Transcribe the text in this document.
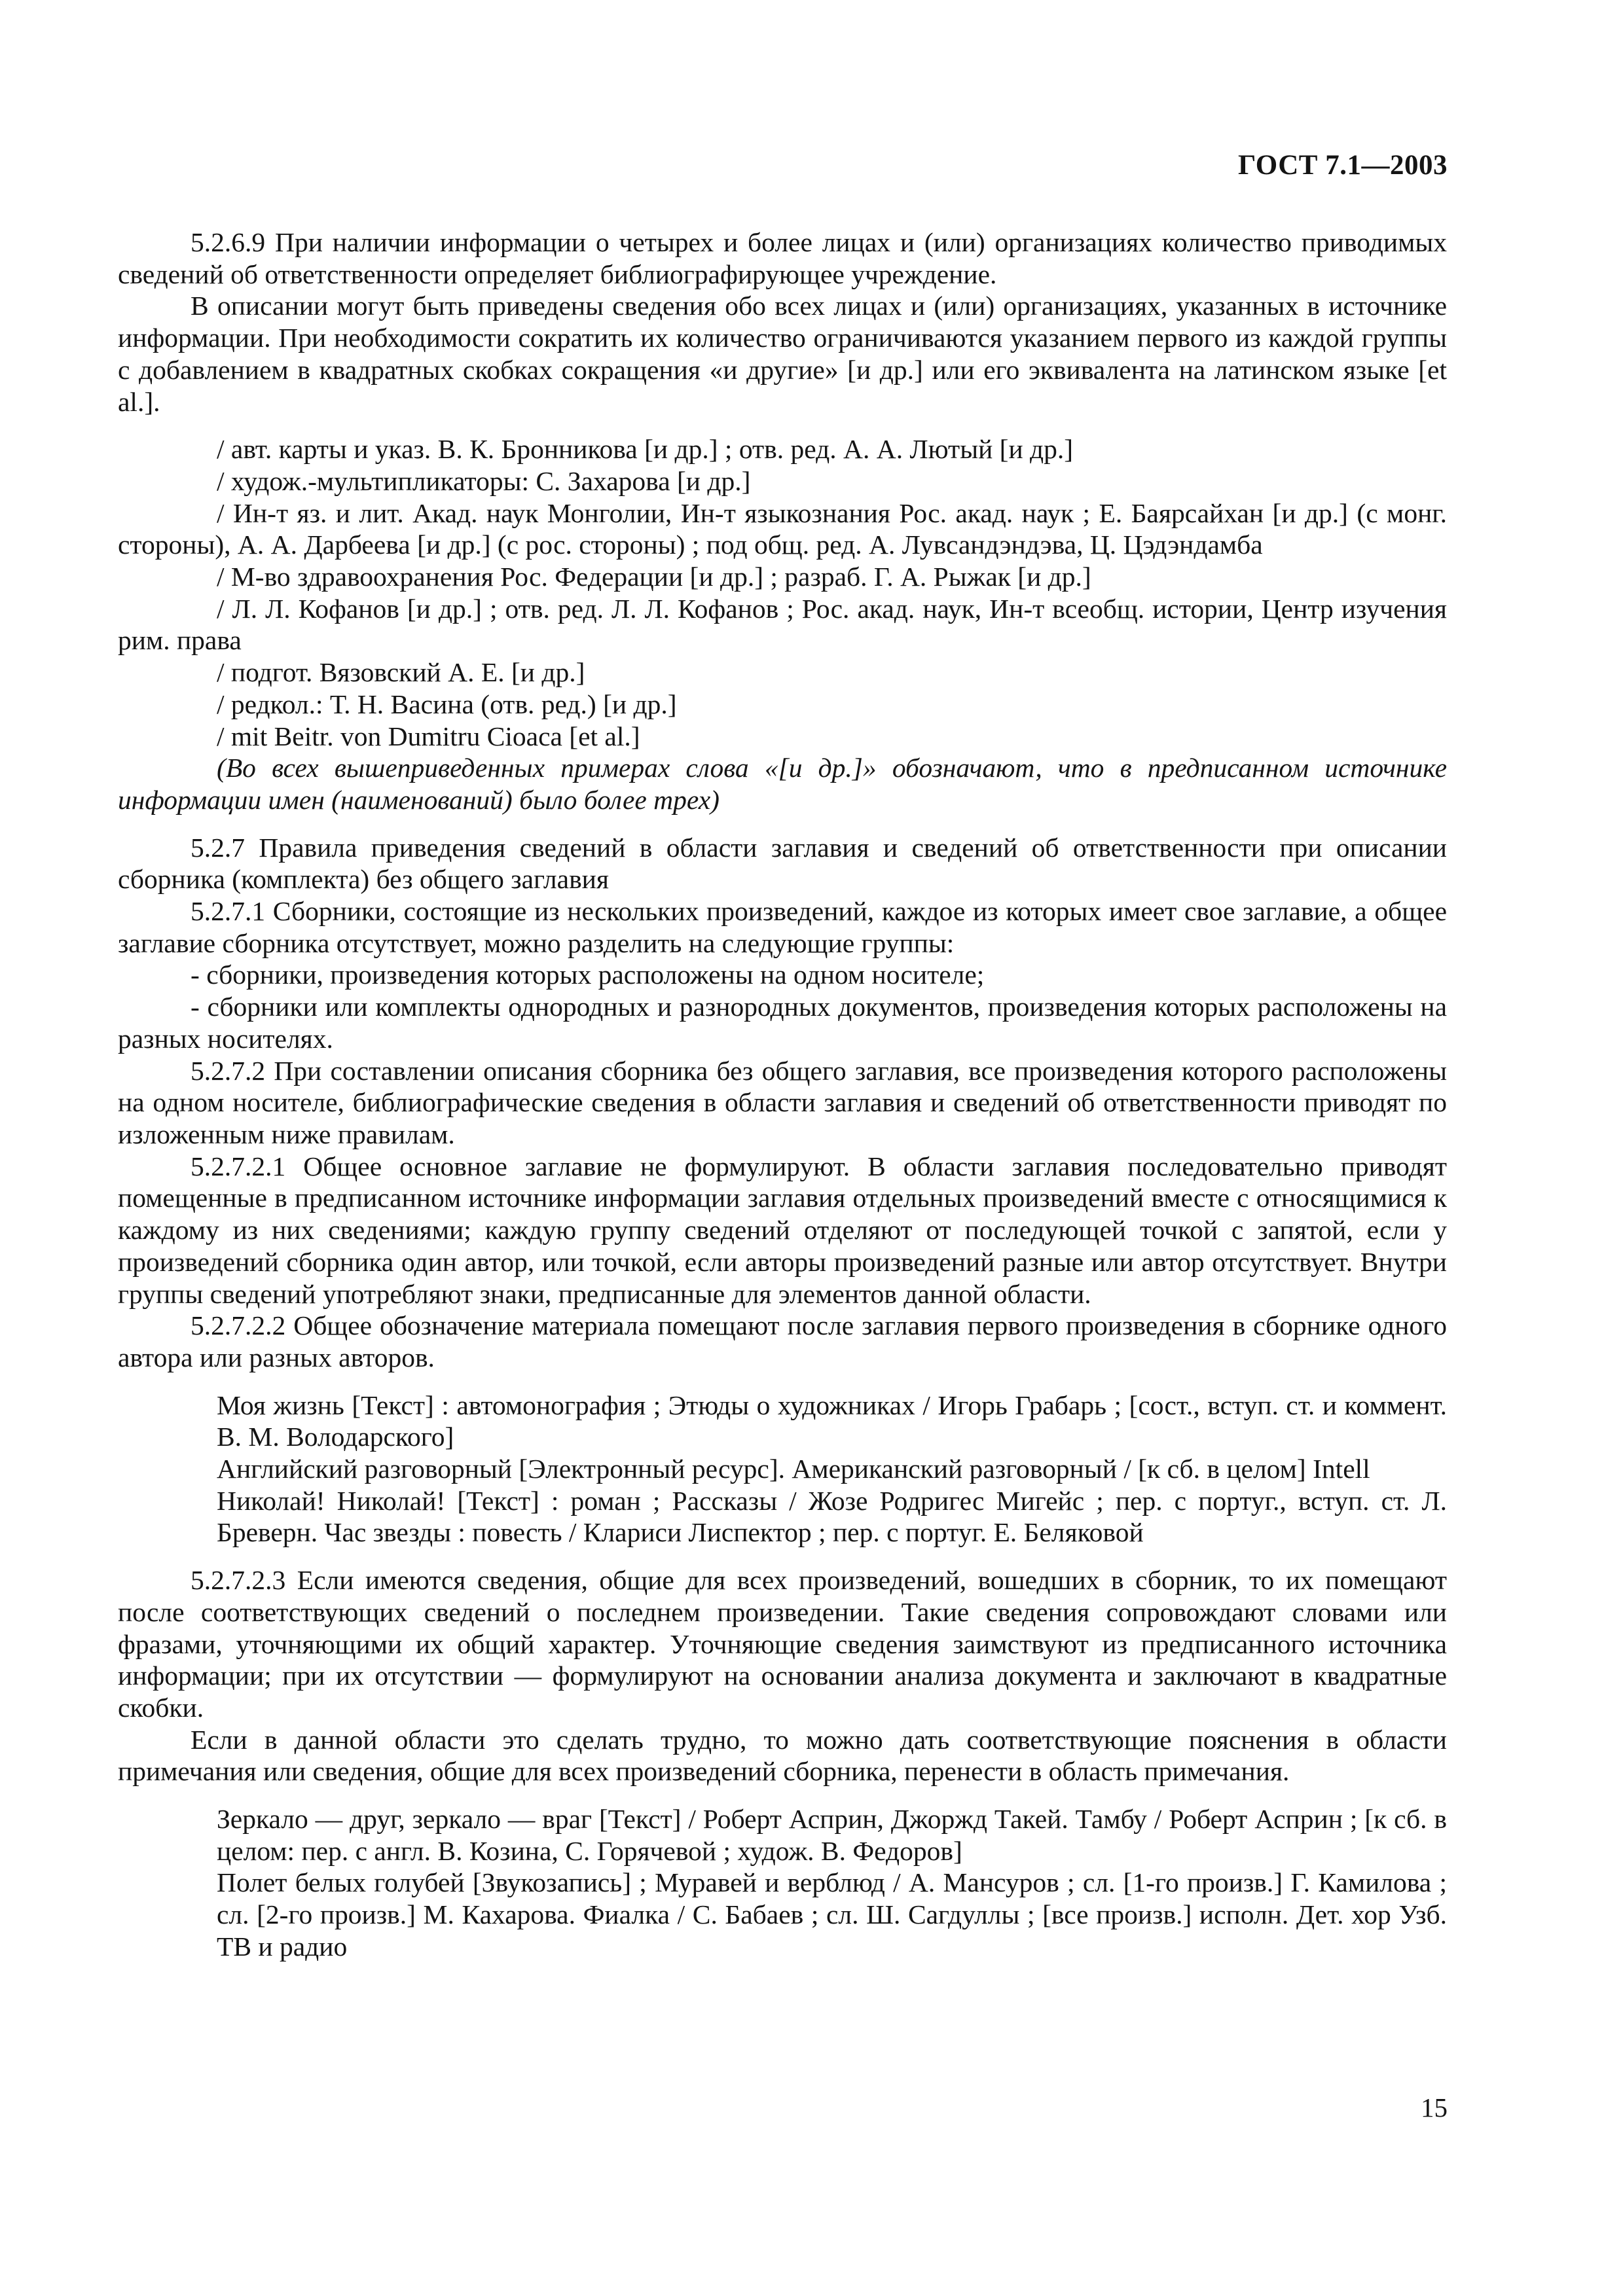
ГОСТ 7.1—2003

5.2.6.9 При наличии информации о четырех и более лицах и (или) организациях количество приводимых сведений об ответственности определяет библиографирующее учреждение.

В описании могут быть приведены сведения обо всех лицах и (или) организациях, указанных в источнике информации. При необходимости сократить их количество ограничиваются указанием первого из каждой группы с добавлением в квадратных скобках сокращения «и другие» [и др.] или его эквивалента на латинском языке [et al.].

/ авт. карты и указ. В. К. Бронникова [и др.] ; отв. ред. А. А. Лютый [и др.]

/ худож.-мультипликаторы: С. Захарова [и др.]

/ Ин-т яз. и лит. Акад. наук Монголии, Ин-т языкознания Рос. акад. наук ; Е. Баярсайхан [и др.] (с монг. стороны), А. А. Дарбеева [и др.] (с рос. стороны) ; под общ. ред. А. Лувсандэндэва, Ц. Цэдэндамба

/ М-во здравоохранения Рос. Федерации [и др.] ; разраб. Г. А. Рыжак [и др.]

/ Л. Л. Кофанов [и др.] ; отв. ред. Л. Л. Кофанов ; Рос. акад. наук, Ин-т всеобщ. истории, Центр изучения рим. права

/ подгот. Вязовский А. Е. [и др.]

/ редкол.: Т. Н. Васина (отв. ред.) [и др.]

/ mit Beitr. von Dumitru Cioaca [et al.]

(Во всех вышеприведенных примерах слова «[и др.]» обозначают, что в предписанном источнике информации имен (наименований) было более трех)

5.2.7 Правила приведения сведений в области заглавия и сведений об ответственности при описании сборника (комплекта) без общего заглавия

5.2.7.1 Сборники, состоящие из нескольких произведений, каждое из которых имеет свое заглавие, а общее заглавие сборника отсутствует, можно разделить на следующие группы:

- сборники, произведения которых расположены на одном носителе;

- сборники или комплекты однородных и разнородных документов, произведения которых расположены на разных носителях.

5.2.7.2 При составлении описания сборника без общего заглавия, все произведения которого расположены на одном носителе, библиографические сведения в области заглавия и сведений об ответственности приводят по изложенным ниже правилам.

5.2.7.2.1 Общее основное заглавие не формулируют. В области заглавия последовательно приводят помещенные в предписанном источнике информации заглавия отдельных произведений вместе с относящимися к каждому из них сведениями; каждую группу сведений отделяют от последующей точкой с запятой, если у произведений сборника один автор, или точкой, если авторы произведений разные или автор отсутствует. Внутри группы сведений употребляют знаки, предписанные для элементов данной области.

5.2.7.2.2 Общее обозначение материала помещают после заглавия первого произведения в сборнике одного автора или разных авторов.

Моя жизнь [Текст] : автомонография ; Этюды о художниках / Игорь Грабарь ; [сост., вступ. ст. и коммент. В. М. Володарского]

Английский разговорный [Электронный ресурс]. Американский разговорный / [к сб. в целом] Intell

Николай! Николай! [Текст] : роман ; Рассказы / Жозе Родригес Мигейс ; пер. с португ., вступ. ст. Л. Бреверн. Час звезды : повесть / Клариси Лиспектор ; пер. с португ. Е. Беляковой

5.2.7.2.3 Если имеются сведения, общие для всех произведений, вошедших в сборник, то их помещают после соответствующих сведений о последнем произведении. Такие сведения сопровождают словами или фразами, уточняющими их общий характер. Уточняющие сведения заимствуют из предписанного источника информации; при их отсутствии — формулируют на основании анализа документа и заключают в квадратные скобки.

Если в данной области это сделать трудно, то можно дать соответствующие пояснения в области примечания или сведения, общие для всех произведений сборника, перенести в область примечания.

Зеркало — друг, зеркало — враг [Текст] / Роберт Асприн, Джоржд Такей. Тамбу / Роберт Асприн ; [к сб. в целом: пер. с англ. В. Козина, С. Горячевой ; худож. В. Федоров]

Полет белых голубей [Звукозапись] ; Муравей и верблюд / А. Мансуров ; сл. [1-го произв.] Г. Камилова ; сл. [2-го произв.] М. Кахарова. Фиалка / С. Бабаев ; сл. Ш. Сагдуллы ; [все произв.] исполн. Дет. хор Узб. ТВ и радио

15
